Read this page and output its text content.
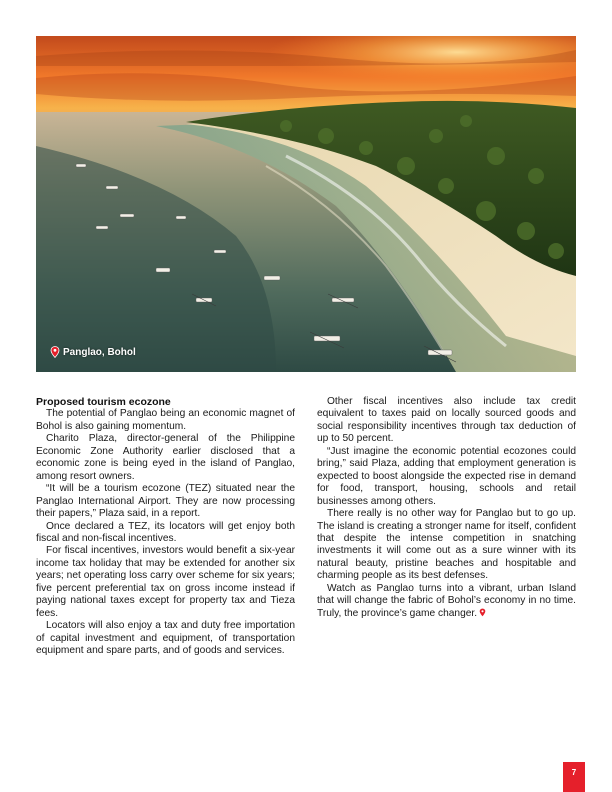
Panglao, Bohol
Proposed tourism ecozone

The potential of Panglao being an economic magnet of Bohol is also gaining momentum.

Charito Plaza, director-general of the Philippine Economic Zone Authority earlier disclosed that a economic zone is being eyed in the island of Panglao, among resort owners.

“It will be a tourism ecozone (TEZ) situated near the Panglao International Airport. They are now processing their papers,” Plaza said, in a report.

Once declared a TEZ, its locators will get enjoy both fiscal and non-fiscal incentives.

For fiscal incentives, investors would benefit a six-year income tax holiday that may be extended for another six years; net operating loss carry over scheme for six years; five percent preferential tax on gross income instead if paying national taxes except for property tax and Tieza fees.

Locators will also enjoy a tax and duty free importation of capital investment and equipment, of transportation equipment and spare parts, and of goods and services.

Other fiscal incentives also include tax credit equivalent to taxes paid on locally sourced goods and social responsibility incentives through tax deduction of up to 50 percent.

“Just imagine the economic potential ecozones could bring,” said Plaza, adding that employment generation is expected to boost alongside the expected rise in demand for food, transport, housing, schools and retail businesses among others.

There really is no other way for Panglao but to go up. The island is creating a stronger name for itself, confident that despite the intense competition in snatching investments it will come out as a sure winner with its natural beauty, pristine beaches and hospitable and charming people as its best defenses.

Watch as Panglao turns into a vibrant, urban Island that will change the fabric of Bohol’s economy in no time. Truly, the province’s game changer.

7
